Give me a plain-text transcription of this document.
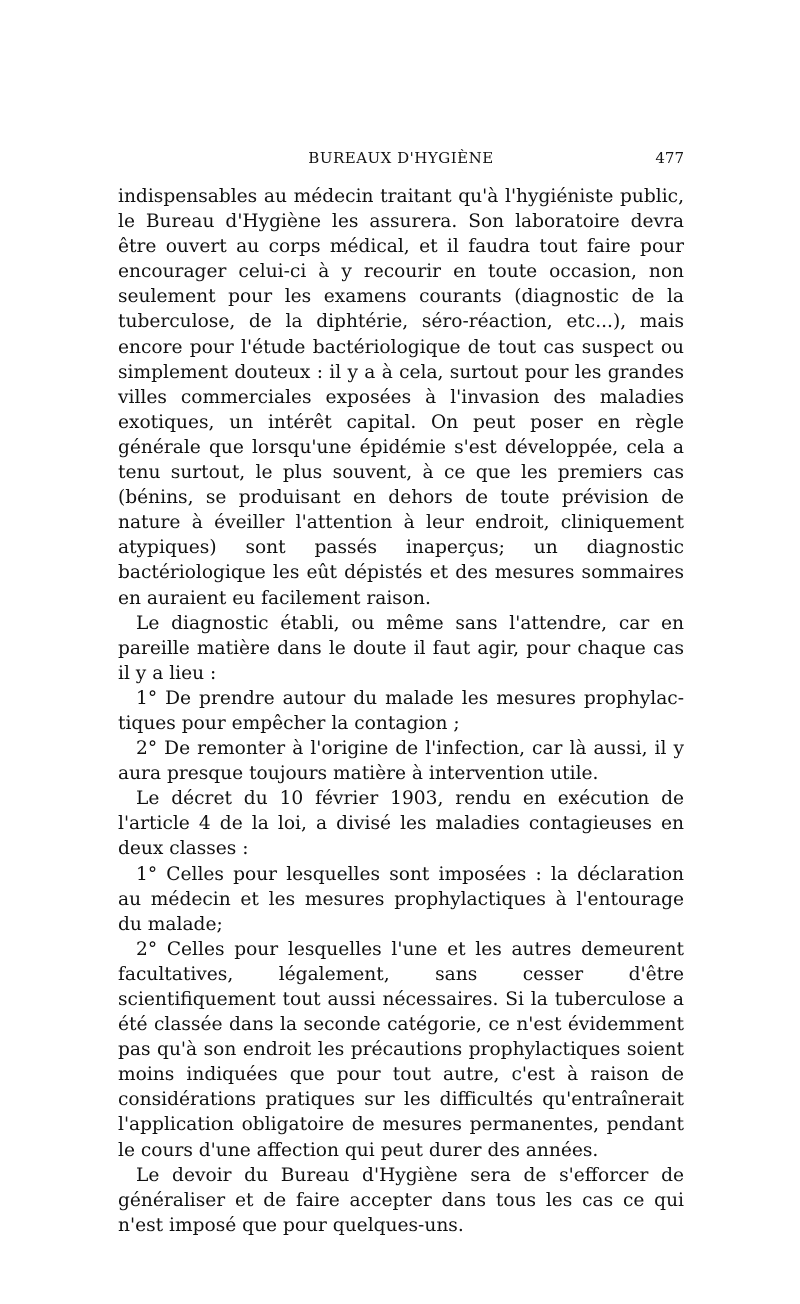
BUREAUX D'HYGIÈNE	477

indispensables au médecin traitant qu'à l'hygiéniste public, le Bureau d'Hygiène les assurera. Son laboratoire devra être ouvert au corps médical, et il faudra tout faire pour encourager celui-ci à y recourir en toute occasion, non seulement pour les examens courants (diagnostic de la tuberculose, de la diphtérie, séro-réaction, etc...), mais encore pour l'étude bactériologique de tout cas suspect ou simplement douteux : il y a à cela, surtout pour les grandes villes commerciales exposées à l'invasion des maladies exotiques, un intérêt capital. On peut poser en règle générale que lorsqu'une épidémie s'est développée, cela a tenu surtout, le plus souvent, à ce que les premiers cas (bénins, se produisant en dehors de toute prévision de nature à éveiller l'attention à leur endroit, cliniquement atypiques) sont passés inaperçus; un diagnostic bactériologique les eût dépistés et des mesures sommaires en auraient eu facilement raison.

Le diagnostic établi, ou même sans l'attendre, car en pareille matière dans le doute il faut agir, pour chaque cas il y a lieu :

1° De prendre autour du malade les mesures prophylactiques pour empêcher la contagion ;

2° De remonter à l'origine de l'infection, car là aussi, il y aura presque toujours matière à intervention utile.

Le décret du 10 février 1903, rendu en exécution de l'article 4 de la loi, a divisé les maladies contagieuses en deux classes :

1° Celles pour lesquelles sont imposées : la déclaration au médecin et les mesures prophylactiques à l'entourage du malade;

2° Celles pour lesquelles l'une et les autres demeurent facultatives, légalement, sans cesser d'être scientifiquement tout aussi nécessaires. Si la tuberculose a été classée dans la seconde catégorie, ce n'est évidemment pas qu'à son endroit les précautions prophylactiques soient moins indiquées que pour tout autre, c'est à raison de considérations pratiques sur les difficultés qu'entraînerait l'application obligatoire de mesures permanentes, pendant le cours d'une affection qui peut durer des années.

Le devoir du Bureau d'Hygiène sera de s'efforcer de généraliser et de faire accepter dans tous les cas ce qui n'est imposé que pour quelques-uns.
